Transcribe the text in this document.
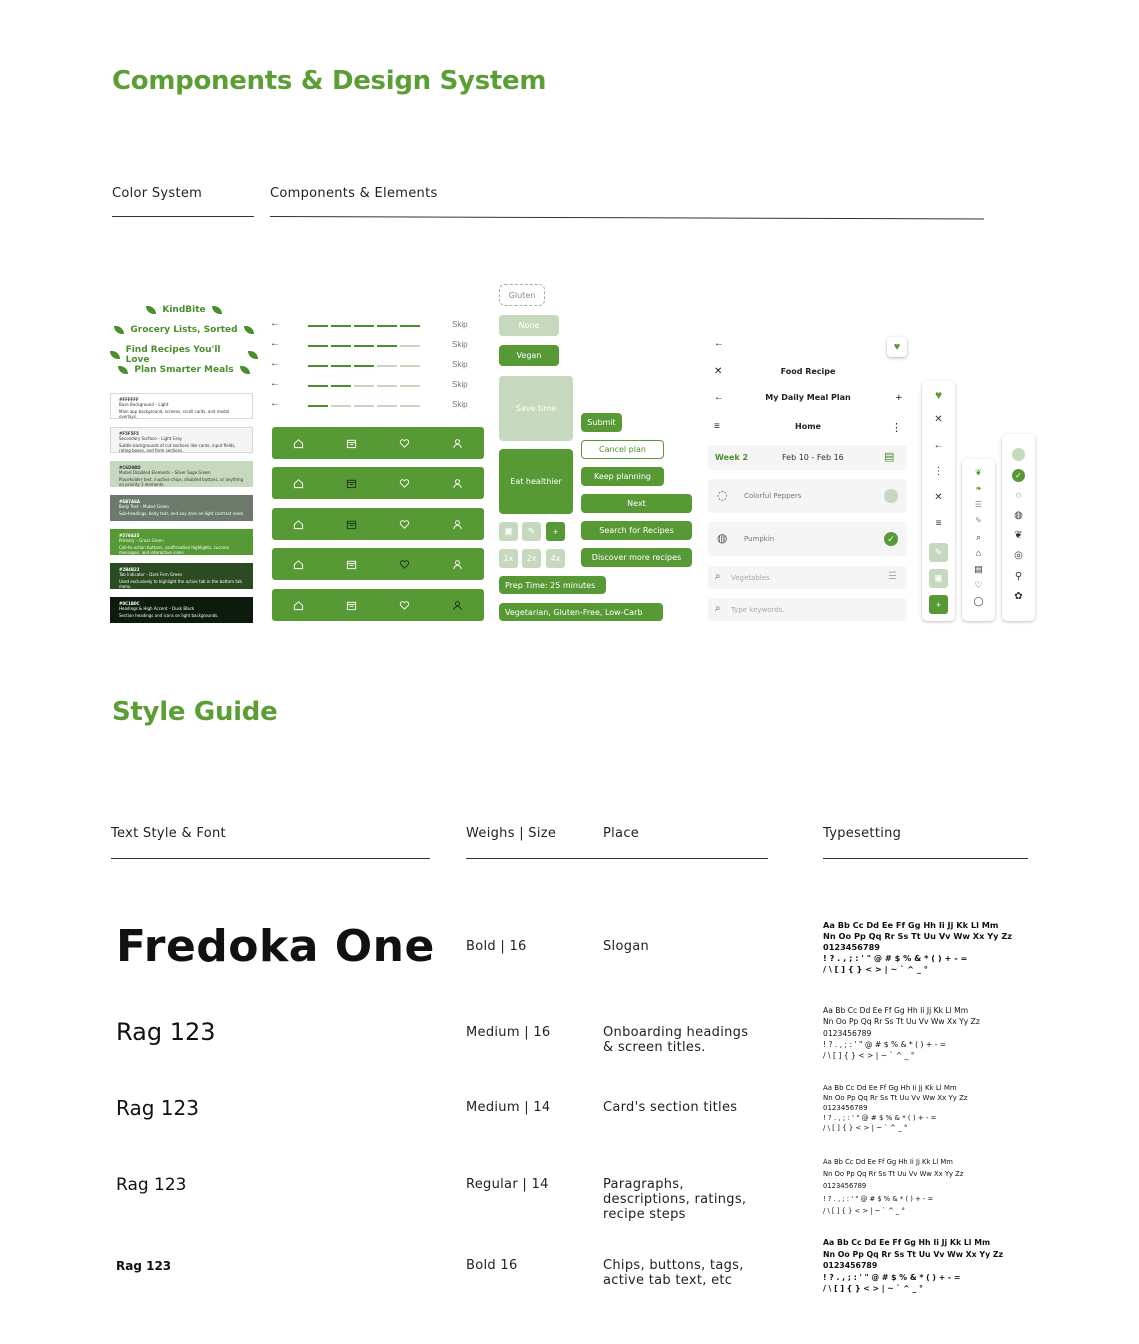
Components & Design System
Color System	Components & Elements
KindBite
Grocery Lists, Sorted
Find Recipes You'll Love
Plan Smarter Meals
#FFFFFF
Base Background – Light
Main app background, screens, scroll cards, and modal overlays.
#F5F5F5
Secondary Surface – Light Gray
Subtle backgrounds of cut sections like cards, input fields, rating boxes, and form sections.
#C6D8BD
Muted Disabled Elements – Silver Sage Green
Placeholder text, inactive chips, disabled buttons, or anything on priority 3 elements.
#6B7A6A
Body Text – Muted Green
Sub-headings, body text, and any dark-on-light contrast need.
#579A35
Primary – Grass Green
Call-to-action buttons, confirmation highlights, success messages, and interactive icons.
#2B4B22
Tab Indicator – Dark Fern Green
Used exclusively to highlight the active tab in the bottom tab menu.
#0C1B0C
Headings & High Accent – Dusk Black
Section headings and icons on light backgrounds.
←	Skip
←	Skip
←	Skip
←	Skip
←	Skip
Gluten
None
Vegan
Save time
Eat healthier
▣	✎	+
1x	2x	4x
Prep Time: 25 minutes
Vegetarian, Gluten-Free, Low-Carb
Submit
Cancel plan
Keep planning
Next
Search for Recipes
Discover more recipes
←	♥
✕	Food Recipe
←	My Daily Meal Plan	+
≡	Home	⋮
Week 2	Feb 10 - Feb 16	▤
◌ Colorful Peppers
◍ Pumpkin	✓
⌕ Vegetables	☰
⌕ Type keywords.
♥
✕
←
⋮
✕
≡
✎
▣
+
❦
❧
☰
✎
⌕
⌂
▤
♡
◯
✓
◌
◍
❦
◎
⚲
✿
Style Guide
Text Style & Font	Weighs | Size	Place	Typesetting
Fredoka One Bold | 16	Slogan
Aa Bb Cc Dd Ee Ff Gg Hh Ii Jj Kk Ll Mm
Nn Oo Pp Qq Rr Ss Tt Uu Vv Ww Xx Yy Zz
0123456789
! ? . , ; : ' " @ # $ % & * ( ) + - =
/ \ [ ] { } < > | ~ ` ^ _ °
Rag 123	Medium | 16	Onboarding headings
& screen titles.
Aa Bb Cc Dd Ee Ff Gg Hh Ii Jj Kk Ll Mm
Nn Oo Pp Qq Rr Ss Tt Uu Vv Ww Xx Yy Zz
0123456789
! ? . , ; : ' " @ # $ % & * ( ) + - =
/ \ [ ] { } < > | ~ ` ^ _ °
Rag 123	Medium | 14	Card's section titles
Aa Bb Cc Dd Ee Ff Gg Hh Ii Jj Kk Ll Mm
Nn Oo Pp Qq Rr Ss Tt Uu Vv Ww Xx Yy Zz
0123456789
! ? . , ; : ' " @ # $ % & * ( ) + - =
/ \ [ ] { } < > | ~ ` ^ _ °
Rag 123	Regular | 14	Paragraphs,
descriptions, ratings,
recipe steps
Aa Bb Cc Dd Ee Ff Gg Hh Ii Jj Kk Ll Mm
Nn Oo Pp Qq Rr Ss Tt Uu Vv Ww Xx Yy Zz
0123456789
! ? . , ; : ' " @ # $ % & * ( ) + - =
/ \ [ ] { } < > | ~ ` ^ _ °
Rag 123	Bold 16	Chips, buttons, tags,
active tab text, etc
Aa Bb Cc Dd Ee Ff Gg Hh Ii Jj Kk Ll Mm
Nn Oo Pp Qq Rr Ss Tt Uu Vv Ww Xx Yy Zz
0123456789
! ? . , ; : ' " @ # $ % & * ( ) + - =
/ \ [ ] { } < > | ~ ` ^ _ °
